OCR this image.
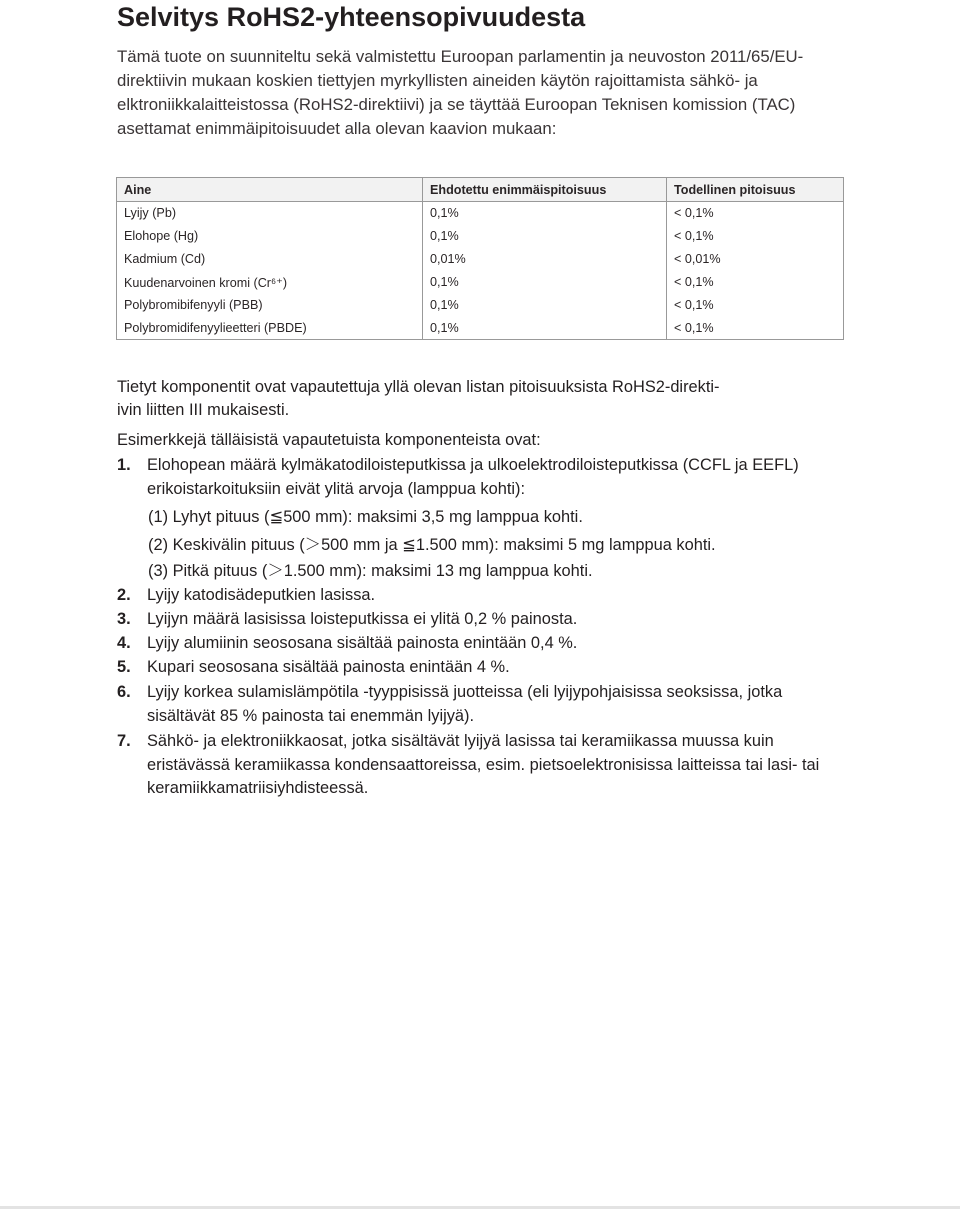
Selvitys RoHS2-yhteensopivuudesta

Tämä tuote on suunniteltu sekä valmistettu Euroopan parlamentin ja neuvoston 2011/65/EU-direktiivin mukaan koskien tiettyjen myrkyllisten aineiden käytön rajoittamista sähkö- ja elktroniikkalaitteistossa (RoHS2-direktiivi) ja se täyttää Euroopan Teknisen komission (TAC) asettamat enimmäipitoisuudet alla olevan kaavion mukaan:

Aine	Ehdotettu enimmäispitoisuus	Todellinen pitoisuus
Lyijy (Pb)	0,1%	< 0,1%
Elohope (Hg)	0,1%	< 0,1%
Kadmium (Cd)	0,01%	< 0,01%
Kuudenarvoinen kromi (Cr⁶⁺)	0,1%	< 0,1%
Polybromibifenyyli (PBB)	0,1%	< 0,1%
Polybromidifenyylieetteri (PBDE)	0,1%	< 0,1%

Tietyt komponentit ovat vapautettuja yllä olevan listan pitoisuuksista RoHS2-direkti-

ivin liitten III mukaisesti.

Esimerkkejä tälläisistä vapautetuista komponenteista ovat:

1. Elohopean määrä kylmäkatodiloisteputkissa ja ulkoelektrodiloisteputkissa (CCFL ja EEFL) erikoistarkoituksiin eivät ylitä arvoja (lamppua kohti):
(1) Lyhyt pituus (≦500 mm): maksimi 3,5 mg lamppua kohti.
(2) Keskivälin pituus (＞500 mm ja ≦1.500 mm): maksimi 5 mg lamppua kohti.
(3) Pitkä pituus (＞1.500 mm): maksimi 13 mg lamppua kohti.
2. Lyijy katodisädeputkien lasissa.
3. Lyijyn määrä lasisissa loisteputkissa ei ylitä 0,2 % painosta.
4. Lyijy alumiinin seososana sisältää painosta enintään 0,4 %.
5. Kupari seososana sisältää painosta enintään 4 %.
6. Lyijy korkea sulamislämpötila -tyyppisissä juotteissa (eli lyijypohjaisissa seoksissa, jotka sisältävät 85 % painosta tai enemmän lyijyä).
7. Sähkö- ja elektroniikkaosat, jotka sisältävät lyijyä lasissa tai keramiikassa muussa kuin eristävässä keramiikassa kondensaattoreissa, esim. pietsoelektronisissa laitteissa tai lasi- tai keramiikkamatriisiyhdisteessä.
